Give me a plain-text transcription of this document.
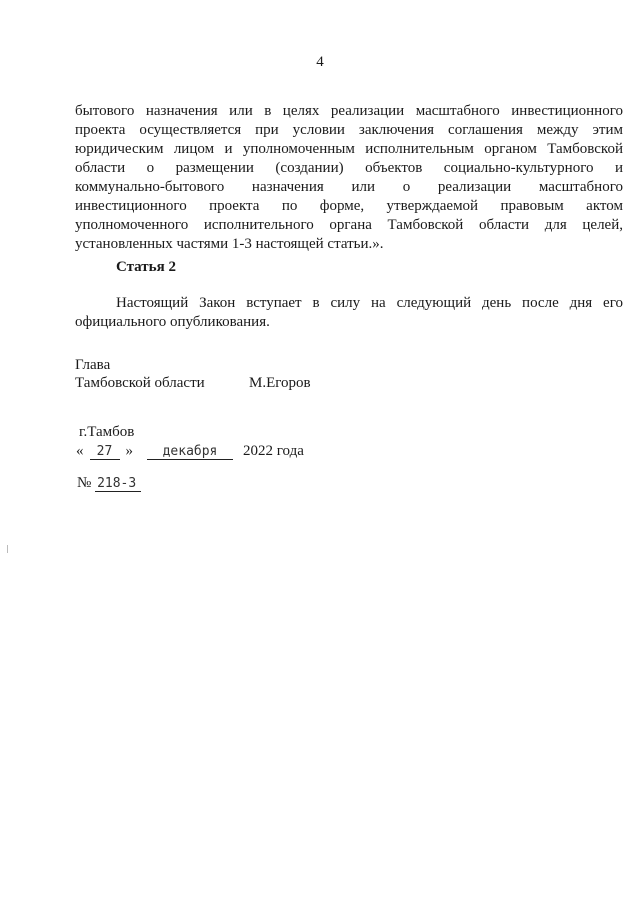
4
бытового назначения или в целях реализации масштабного инвестиционного
проекта осуществляется при условии заключения соглашения между этим
юридическим лицом и уполномоченным исполнительным органом Тамбовской
области о размещении (создании) объектов социально-культурного и
коммунально-бытового назначения или о реализации масштабного
инвестиционного проекта по форме, утверждаемой правовым актом
уполномоченного исполнительного органа Тамбовской области для целей,
установленных частями 1-3 настоящей статьи.».
Статья 2
Настоящий Закон вступает в силу на следующий день после дня его
официального опубликования.
Глава
Тамбовской области	М.Егоров
г.Тамбов
« 27 » декабря 2022 года
№ 218-З
